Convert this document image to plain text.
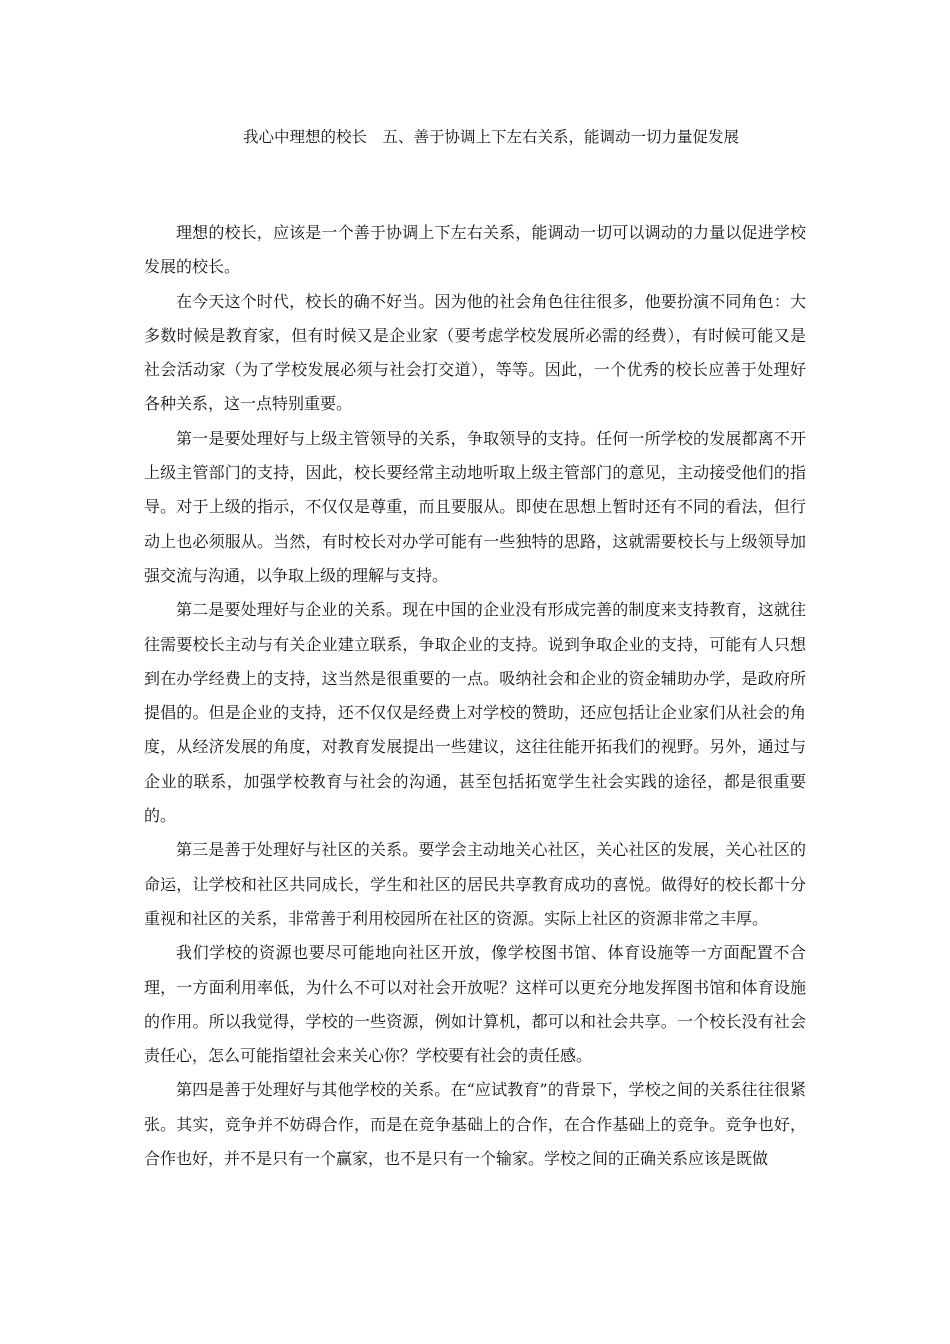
我心中理想的校长　五、善于协调上下左右关系，能调动一切力量促发展

理想的校长，应该是一个善于协调上下左右关系，能调动一切可以调动的力量以促进学校发展的校长。

在今天这个时代，校长的确不好当。因为他的社会角色往往很多，他要扮演不同角色：大多数时候是教育家，但有时候又是企业家（要考虑学校发展所必需的经费），有时候可能又是社会活动家（为了学校发展必须与社会打交道），等等。因此，一个优秀的校长应善于处理好各种关系，这一点特别重要。

第一是要处理好与上级主管领导的关系，争取领导的支持。任何一所学校的发展都离不开上级主管部门的支持，因此，校长要经常主动地听取上级主管部门的意见，主动接受他们的指导。对于上级的指示，不仅仅是尊重，而且要服从。即使在思想上暂时还有不同的看法，但行动上也必须服从。当然，有时校长对办学可能有一些独特的思路，这就需要校长与上级领导加强交流与沟通，以争取上级的理解与支持。

第二是要处理好与企业的关系。现在中国的企业没有形成完善的制度来支持教育，这就往往需要校长主动与有关企业建立联系，争取企业的支持。说到争取企业的支持，可能有人只想到在办学经费上的支持，这当然是很重要的一点。吸纳社会和企业的资金辅助办学，是政府所提倡的。但是企业的支持，还不仅仅是经费上对学校的赞助，还应包括让企业家们从社会的角度，从经济发展的角度，对教育发展提出一些建议，这往往能开拓我们的视野。另外，通过与企业的联系，加强学校教育与社会的沟通，甚至包括拓宽学生社会实践的途径，都是很重要的。

第三是善于处理好与社区的关系。要学会主动地关心社区，关心社区的发展，关心社区的命运，让学校和社区共同成长，学生和社区的居民共享教育成功的喜悦。做得好的校长都十分重视和社区的关系，非常善于利用校园所在社区的资源。实际上社区的资源非常之丰厚。

我们学校的资源也要尽可能地向社区开放，像学校图书馆、体育设施等一方面配置不合理，一方面利用率低，为什么不可以对社会开放呢？这样可以更充分地发挥图书馆和体育设施的作用。所以我觉得，学校的一些资源，例如计算机，都可以和社会共享。一个校长没有社会责任心，怎么可能指望社会来关心你？学校要有社会的责任感。

第四是善于处理好与其他学校的关系。在“应试教育”的背景下，学校之间的关系往往很紧张。其实，竞争并不妨碍合作，而是在竞争基础上的合作，在合作基础上的竞争。竞争也好，合作也好，并不是只有一个赢家，也不是只有一个输家。学校之间的正确关系应该是既做
